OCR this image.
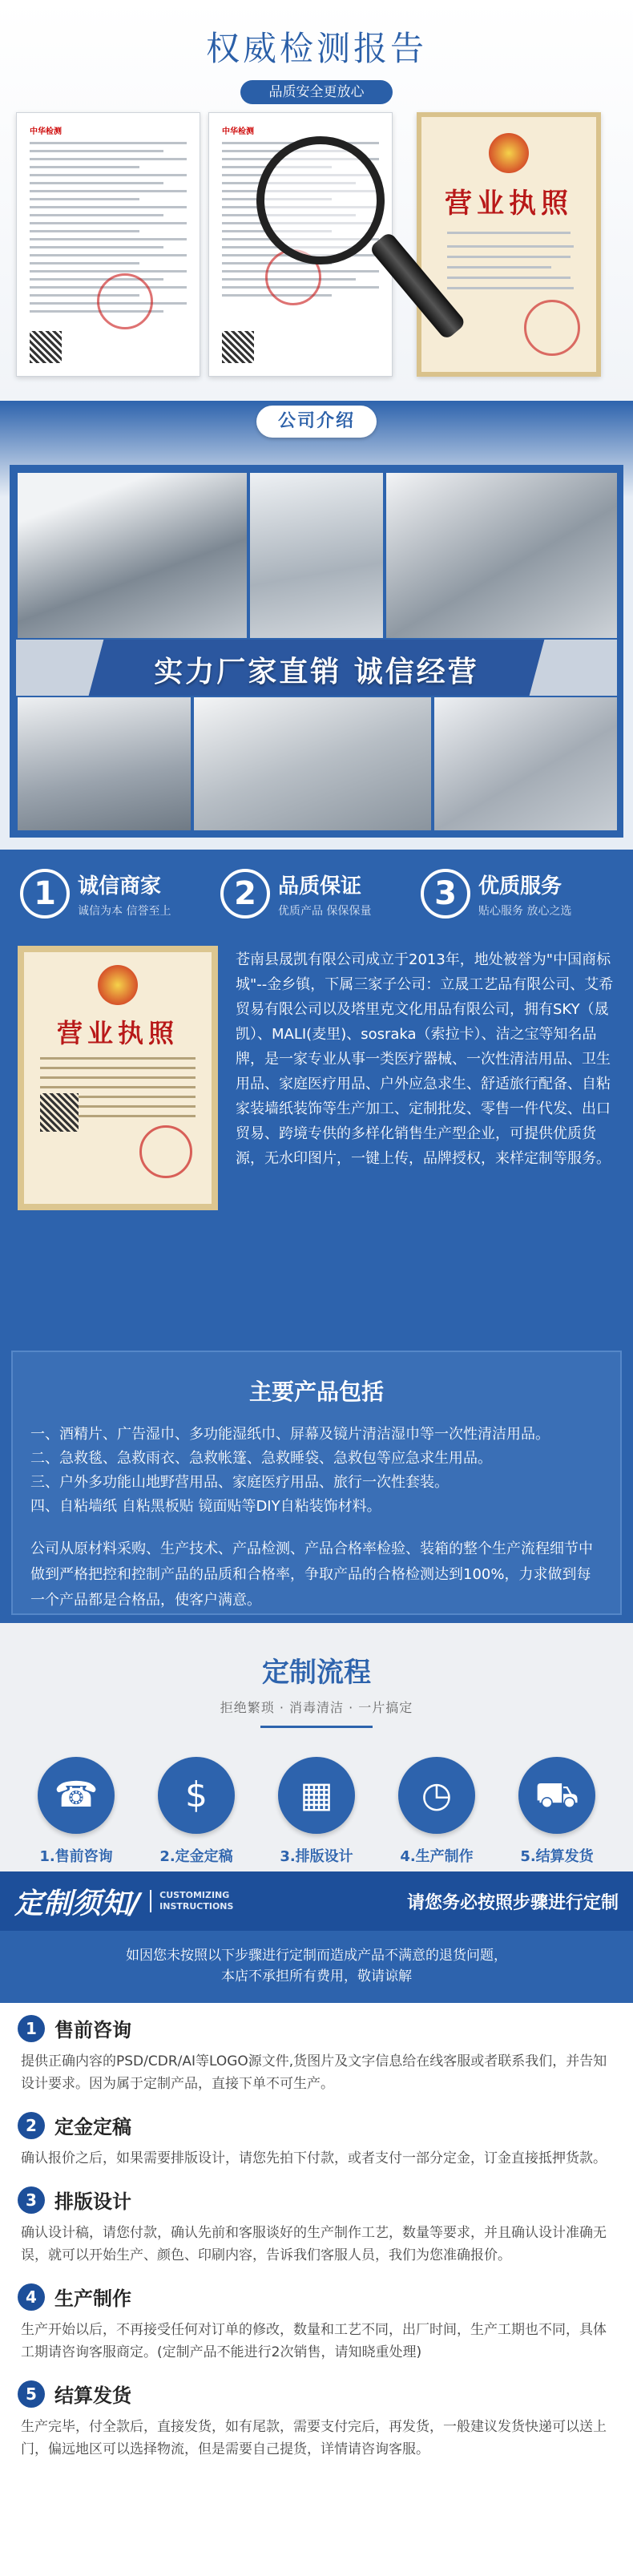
权威检测报告
品质安全更放心
中华检测	中华检测
营业执照
公司介绍
实力厂家直销 诚信经营
1	诚信商家
诚信为本 信誉至上	2	品质保证
优质产品 保保保量	3	优质服务
贴心服务 放心之选
营业执照
苍南县晟凯有限公司成立于2013年，地处被誉为"中国商标城"--金乡镇，下属三家子公司：立晟工艺品有限公司、艾希贸易有限公司以及塔里克文化用品有限公司，拥有SKY（晟凯）、MALI(麦里)、sosraka（索拉卡）、洁之宝等知名品牌，是一家专业从事一类医疗器械、一次性清洁用品、卫生用品、家庭医疗用品、户外应急求生、舒适旅行配备、自粘家装墙纸装饰等生产加工、定制批发、零售一件代发、出口贸易、跨境专供的多样化销售生产型企业，可提供优质货源，无水印图片，一键上传，品牌授权，来样定制等服务。
主要产品包括
一、酒精片、广告湿巾、多功能湿纸巾、屏幕及镜片清洁湿巾等一次性清洁用品。
二、急救毯、急救雨衣、急救帐篷、急救睡袋、急救包等应急求生用品。
三、户外多功能山地野营用品、家庭医疗用品、旅行一次性套装。
四、自粘墙纸 自粘黑板贴 镜面贴等DIY自粘装饰材料。
公司从原材料采购、生产技术、产品检测、产品合格率检验、装箱的整个生产流程细节中做到严格把控和控制产品的品质和合格率，争取产品的合格检测达到100%，力求做到每一个产品都是合格品，使客户满意。
定制流程
拒绝繁琐 · 消毒清洁 · 一片搞定
☎
1.售前咨询
$
2.定金定稿
▦
3.排版设计
◷
4.生产制作
⛟
5.结算发货
定制须知/ CUSTOMIZING
INSTRUCTIONS	请您务必按照步骤进行定制
如因您未按照以下步骤进行定制而造成产品不满意的退货问题，
本店不承担所有费用，敬请谅解
1 售前咨询
提供正确内容的PSD/CDR/AI等LOGO源文件,货图片及文字信息给在线客服或者联系我们，并告知设计要求。因为属于定制产品，直接下单不可生产。
2 定金定稿
确认报价之后，如果需要排版设计，请您先拍下付款，或者支付一部分定金，订金直接抵押货款。
3 排版设计
确认设计稿，请您付款，确认先前和客服谈好的生产制作工艺，数量等要求，并且确认设计准确无误，就可以开始生产、颜色、印刷内容，告诉我们客服人员，我们为您准确报价。
4 生产制作
生产开始以后，不再接受任何对订单的修改，数量和工艺不同，出厂时间，生产工期也不同，具体工期请咨询客服商定。(定制产品不能进行2次销售，请知晓重处理)
5 结算发货
生产完毕，付全款后，直接发货，如有尾款，需要支付完后，再发货，一般建议发货快递可以送上门，偏远地区可以选择物流，但是需要自己提货，详情请咨询客服。
